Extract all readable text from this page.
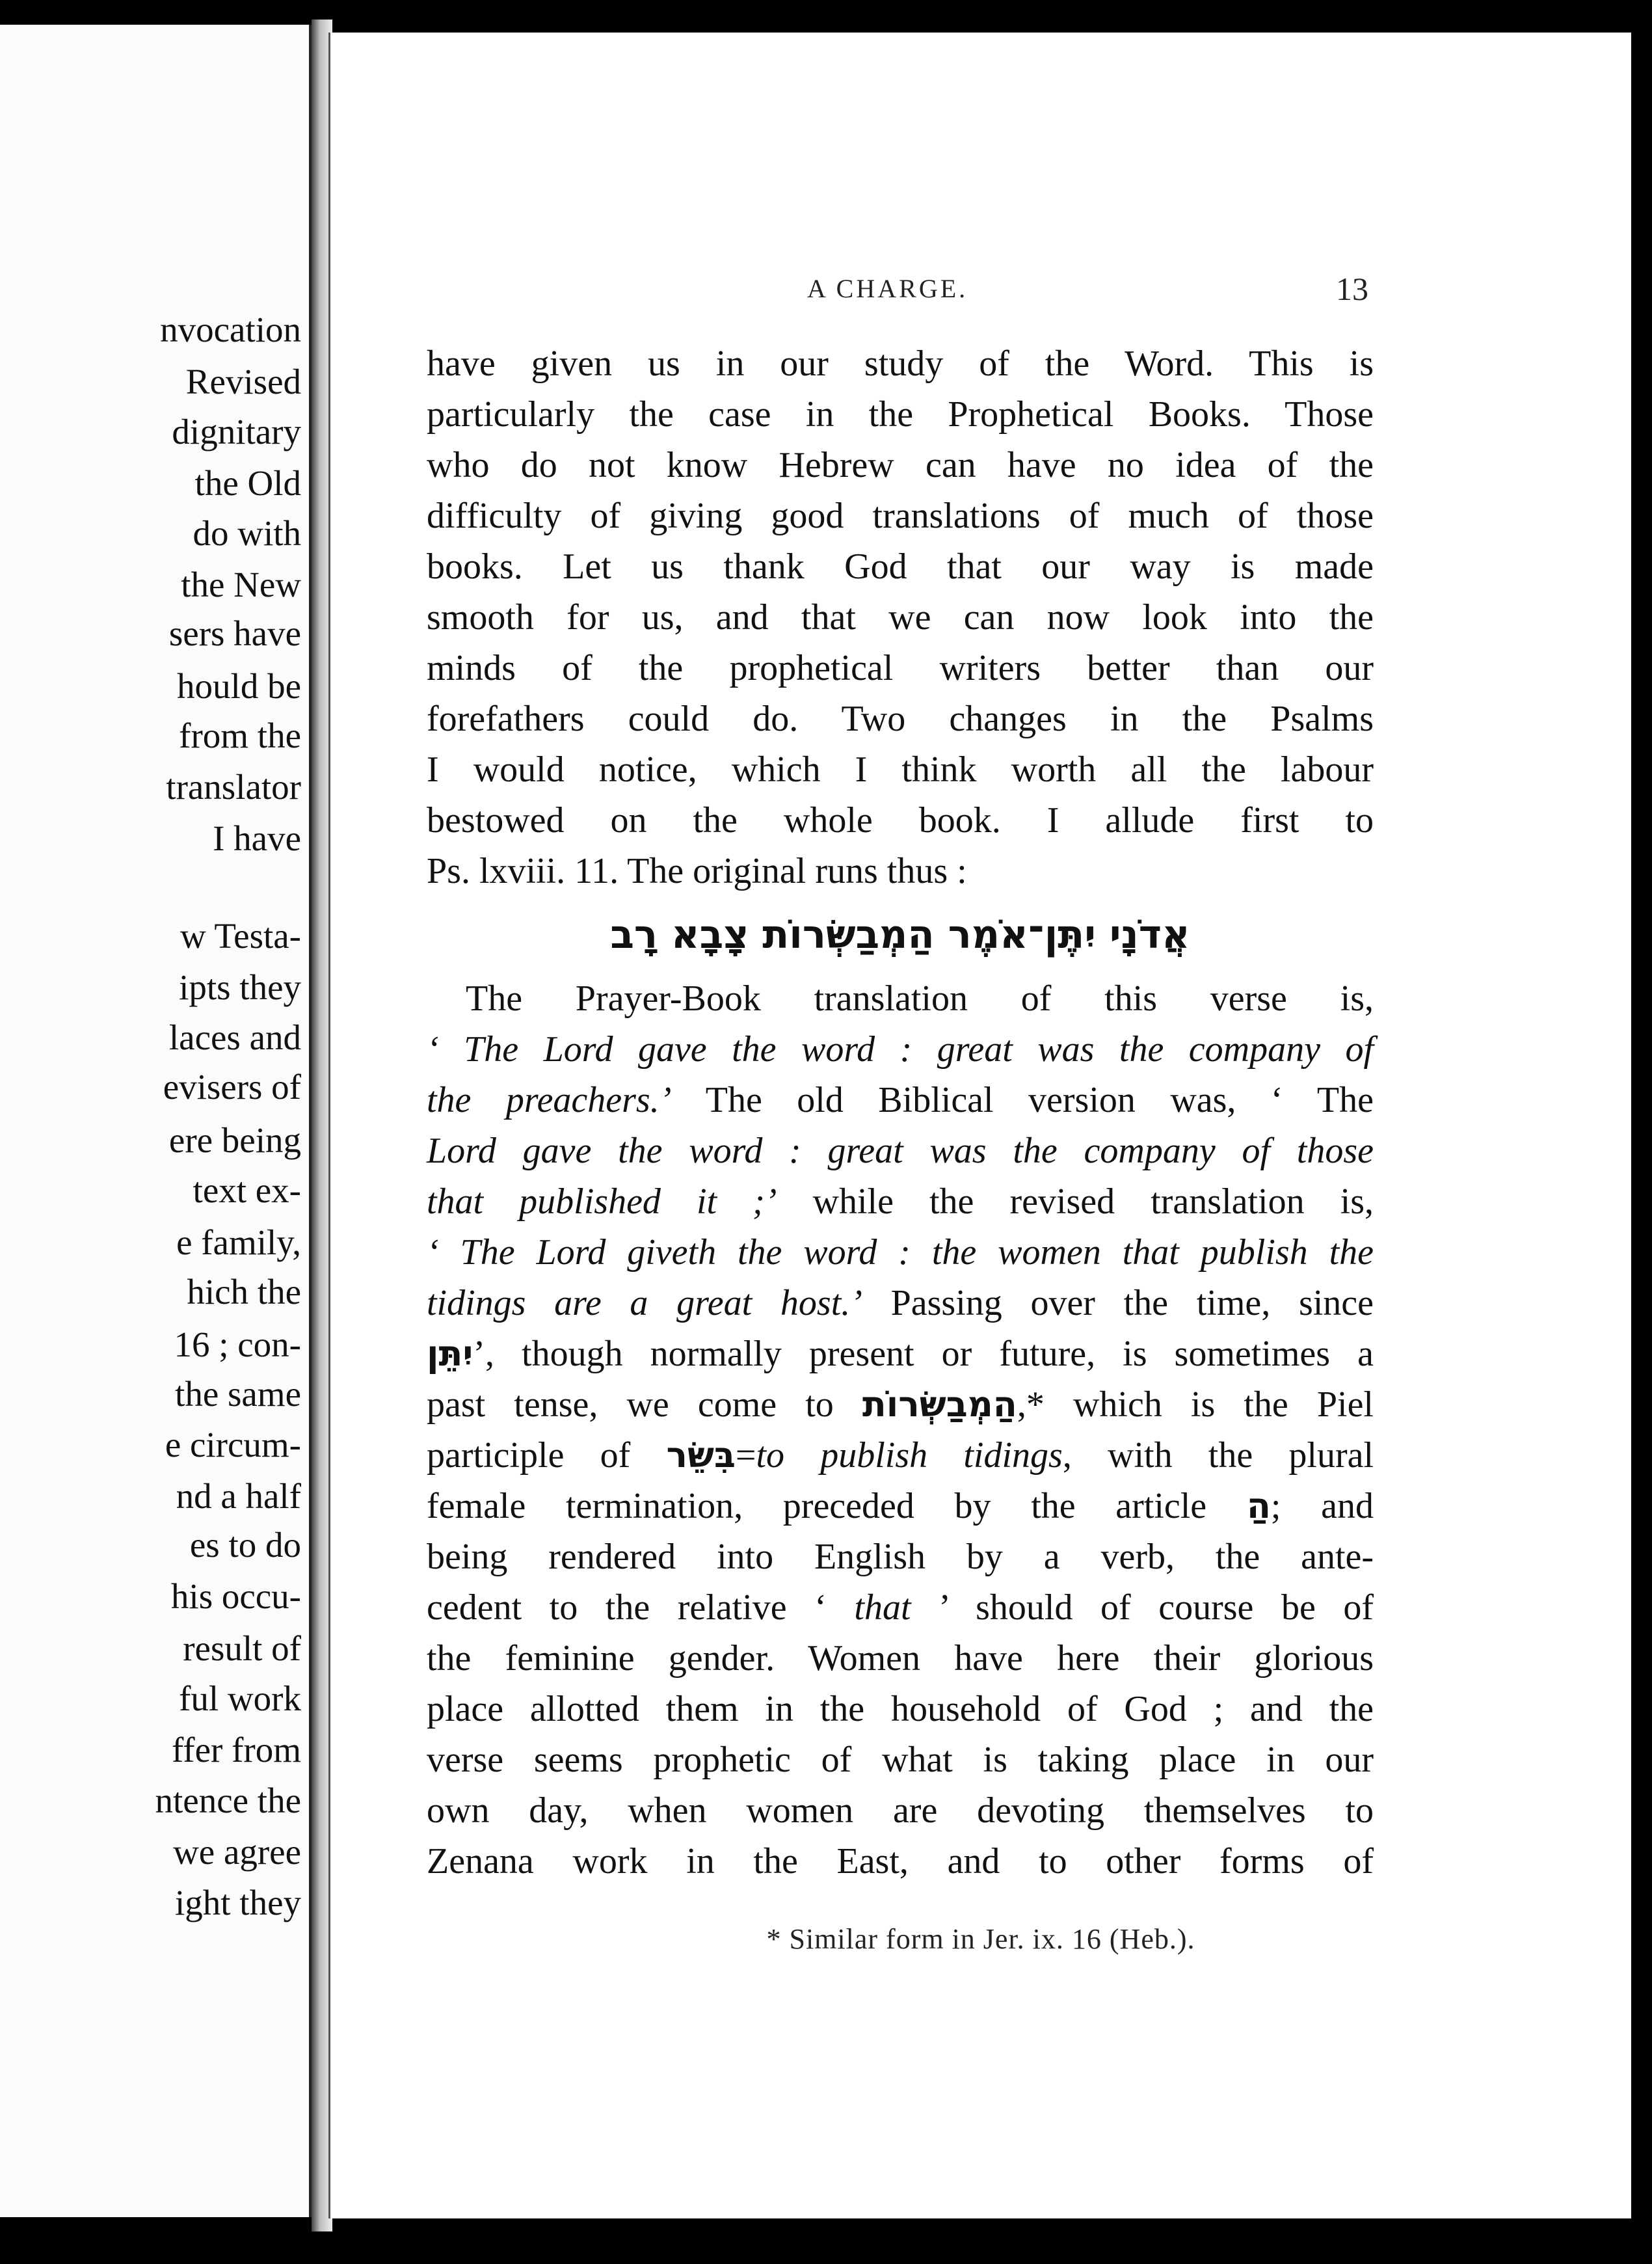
nvocation
Revised
dignitary
the Old
do with
the New
sers have
hould be
from the
translator
I have
w Testa-
ipts they
laces and
evisers of
ere being
text ex-
e family,
hich the
16 ; con-
the same
e circum-
nd a half
es to do
his occu-
result of
ful work
ffer from
ntence the
we agree
ight they
A CHARGE.	13
have given us in our study of the Word. This is
particularly the case in the Prophetical Books. Those
who do not know Hebrew can have no idea of the
difficulty of giving good translations of much of those
books. Let us thank God that our way is made
smooth for us, and that we can now look into the
minds of the prophetical writers better than our
forefathers could do. Two changes in the Psalms
I would notice, which I think worth all the labour
bestowed on the whole book. I allude first to
Ps. lxviii. 11. The original runs thus :
אֲדֹנָי יִתֶּן־אֹמֶר הַמְבַשְּׂרוֹת צָבָא רָב
The Prayer-Book translation of this verse is,
‘ The Lord gave the word : great was the company of
the preachers.’ The old Biblical version was, ‘ The
Lord gave the word : great was the company of those
that published it ;’ while the revised translation is,
‘ The Lord giveth the word : the women that publish the
tidings are a great host.’ Passing over the time, since
יִתֵּן’, though normally present or future, is sometimes a
past tense, we come to הַמְבַשְּׂרוֹת,* which is the Piel
participle of בִּשֵּׂר=to publish tidings, with the plural
female termination, preceded by the article הַ; and
being rendered into English by a verb, the ante-
cedent to the relative ‘ that ’ should of course be of
the feminine gender. Women have here their glorious
place allotted them in the household of God ; and the
verse seems prophetic of what is taking place in our
own day, when women are devoting themselves to
Zenana work in the East, and to other forms of
* Similar form in Jer. ix. 16 (Heb.).
